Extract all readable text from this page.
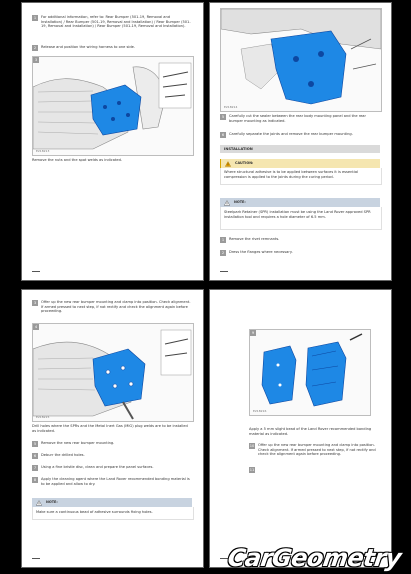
1	For additional information, refer to: Rear Bumper (501-19, Removal and Installation) / Rear Bumper (501-19, Removal and Installation) / Rear Bumper (501-19, Removal and Installation) / Rear Bumper (501-19, Removal and Installation).
2	Release and position the wiring harness to one side.
3
E218213
Remove the nuts and the spot welds as indicated.
E218214
5	Carefully cut the sealer between the rear body mounting panel and the rear bumper mounting as indicated.
6	Carefully separate the joints and remove the rear bumper mounting.
INSTALLATION
CAUTION:
Where structural adhesive is to be applied between surfaces it is essential compression is applied to the joints during the curing period.
NOTE:
Steelpark Retainer (SPR) installation must be using the Land Rover approved SPR installation tool and requires a hole diameter of 6.5 mm.
1	Remove the rivet remnants.
2	Dress the flanges where necessary.
3	Offer up the new rear bumper mounting and clamp into position. Check alignment. If armed pressed to next step, if not rectify and check the alignment again before proceeding.
4
E218215
Drill holes where the SPRs and the Metal Inert Gas (MIG) plug welds are to be installed as indicated.
5	Remove the new rear bumper mounting.
6	Deburr the drilled holes.
7	Using a fine bristle disc, clean and prepare the panel surfaces.
8	Apply the cleaning agent where the Land Rover recommended bonding material is to be applied and allow to dry.
NOTE:
Make sure a continuous bead of adhesive surrounds fixing holes.
9
E218216
Apply a 5 mm slight bead of the Land Rover recommended bonding material as indicated.
10 Offer up the new rear bumper mounting and clamp into position. Check alignment. If armed pressed to next step, if not rectify and check the alignment again before proceeding.
11
CarGeometry
